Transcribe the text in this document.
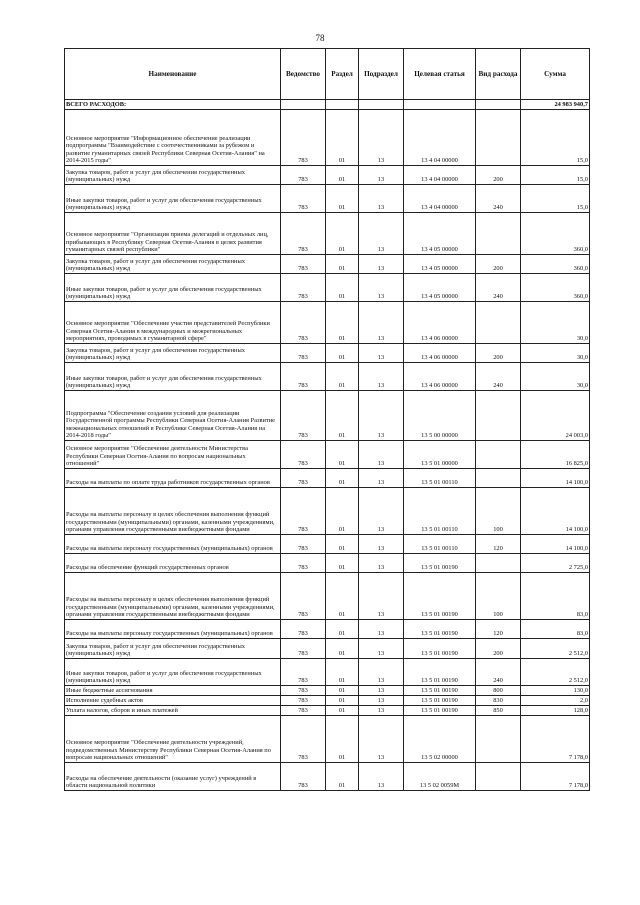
78
Наименование	Ведомство	Раздел	Подраздел	Целевая статья	Вид расхода	Сумма
ВСЕГО РАСХОДОВ:						24 983 940,7
Основное мероприятие "Информационное обеспечение реализации подпрограммы "Взаимодействие с соотечественниками за рубежом и развитие гуманитарных связей Республики Северная Осетия-Алания" на 2014-2015 годы"	783	01	13	13 4 04 00000		15,0
Закупка товаров, работ и услуг для обеспечения государственных (муниципальных) нужд	783	01	13	13 4 04 00000	200	15,0
Иные закупки товаров, работ и услуг для обеспечения государственных (муниципальных) нужд	783	01	13	13 4 04 00000	240	15,0
Основное мероприятие "Организация приема делегаций и отдельных лиц, прибывающих в Республику Северная Осетия-Алания в целях развития гуманитарных связей республики"	783	01	13	13 4 05 00000		360,0
Закупка товаров, работ и услуг для обеспечения государственных (муниципальных) нужд	783	01	13	13 4 05 00000	200	360,0
Иные закупки товаров, работ и услуг для обеспечения государственных (муниципальных) нужд	783	01	13	13 4 05 00000	240	360,0
Основное мероприятие "Обеспечение участия представителей Республики Северная Осетия-Алания в международных и межрегиональных мероприятиях, проводимых в гуманитарной сфере"	783	01	13	13 4 06 00000		30,0
Закупка товаров, работ и услуг для обеспечения государственных (муниципальных) нужд	783	01	13	13 4 06 00000	200	30,0
Иные закупки товаров, работ и услуг для обеспечения государственных (муниципальных) нужд	783	01	13	13 4 06 00000	240	30,0
Подпрограмма "Обеспечение создания условий для реализации Государственной программы Республики Северная Осетия-Алания Развитие межнациональных отношений в Республике Северная Осетия-Алания на 2014-2018 годы"	783	01	13	13 5 00 00000		24 003,0
Основное мероприятие "Обеспечение деятельности Министерства Республики Северная Осетия-Алания по вопросам национальных отношений"	783	01	13	13 5 01 00000		16 825,0
Расходы на выплаты по оплате труда работников государственных органов	783	01	13	13 5 01 00110		14 100,0
Расходы на выплаты персоналу в целях обеспечения выполнения функций государственными (муниципальными) органами, казенными учреждениями, органами управления государственными внебюджетными фондами	783	01	13	13 5 01 00110	100	14 100,0
Расходы на выплаты персоналу государственных (муниципальных) органов	783	01	13	13 5 01 00110	120	14 100,0
Расходы на обеспечение функций государственных органов	783	01	13	13 5 01 00190		2 725,0
Расходы на выплаты персоналу в целях обеспечения выполнения функций государственными (муниципальными) органами, казенными учреждениями, органами управления государственными внебюджетными фондами	783	01	13	13 5 01 00190	100	83,0
Расходы на выплаты персоналу государственных (муниципальных) органов	783	01	13	13 5 01 00190	120	83,0
Закупка товаров, работ и услуг для обеспечения государственных (муниципальных) нужд	783	01	13	13 5 01 00190	200	2 512,0
Иные закупки товаров, работ и услуг для обеспечения государственных (муниципальных) нужд	783	01	13	13 5 01 00190	240	2 512,0
Иные бюджетные ассигнования	783	01	13	13 5 01 00190	800	130,0
Исполнение судебных актов	783	01	13	13 5 01 00190	830	2,0
Уплата налогов, сборов и иных платежей	783	01	13	13 5 01 00190	850	128,0
Основное мероприятие "Обеспечение деятельности учреждений, подведомственных Министерству Республики Северная Осетия-Алания по вопросам национальных отношений"	783	01	13	13 5 02 00000		7 178,0
Расходы на обеспечение деятельности (оказание услуг) учреждений в области национальной политики	783	01	13	13 5 02 0059М		7 178,0
